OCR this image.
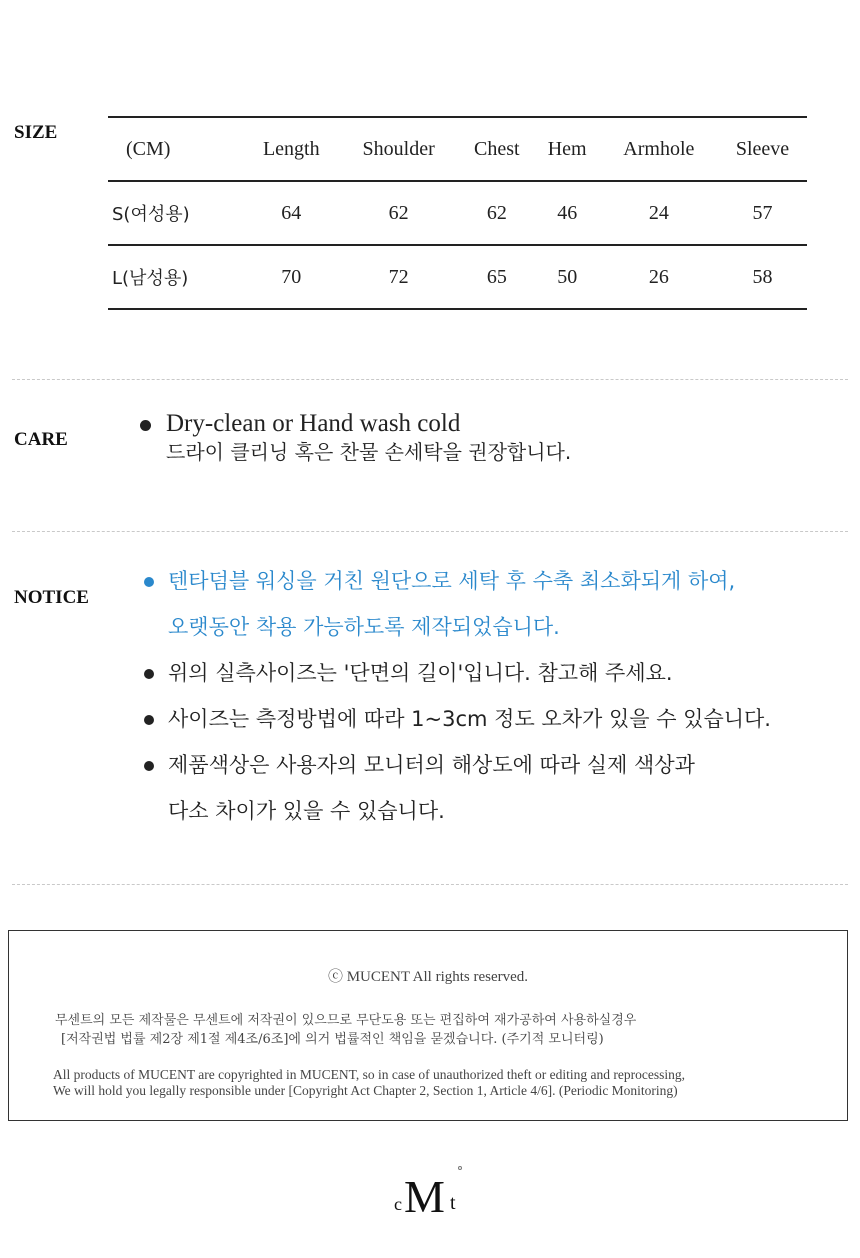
SIZE
(CM)	Length	Shoulder	Chest	Hem	Armhole	Sleeve
S(여성용)	64	62	62	46	24	57
L(남성용)	70	72	65	50	26	58
CARE
Dry-clean or Hand wash cold
드라이 클리닝 혹은 찬물 손세탁을 권장합니다.
NOTICE
텐타덤블 워싱을 거친 원단으로 세탁 후 수축 최소화되게 하여,
오랫동안 착용 가능하도록 제작되었습니다.
위의 실측사이즈는 '단면의 길이'입니다. 참고해 주세요.
사이즈는 측정방법에 따라 1~3cm 정도 오차가 있을 수 있습니다.
제품색상은 사용자의 모니터의 해상도에 따라 실제 색상과
다소 차이가 있을 수 있습니다.
ⓒ MUCENT All rights reserved.
무센트의 모든 제작물은 무센트에 저작권이 있으므로 무단도용 또는 편집하여 재가공하여 사용하실경우
[저작권법 법률 제2장 제1절 제4조/6조]에 의거 법률적인 책임을 묻겠습니다. (주기적 모니터링)
All products of MUCENT are copyrighted in MUCENT, so in case of unauthorized theft or editing and reprocessing,
We will hold you legally responsible under [Copyright Act Chapter 2, Section 1, Article 4/6]. (Periodic Monitoring)
c M t
